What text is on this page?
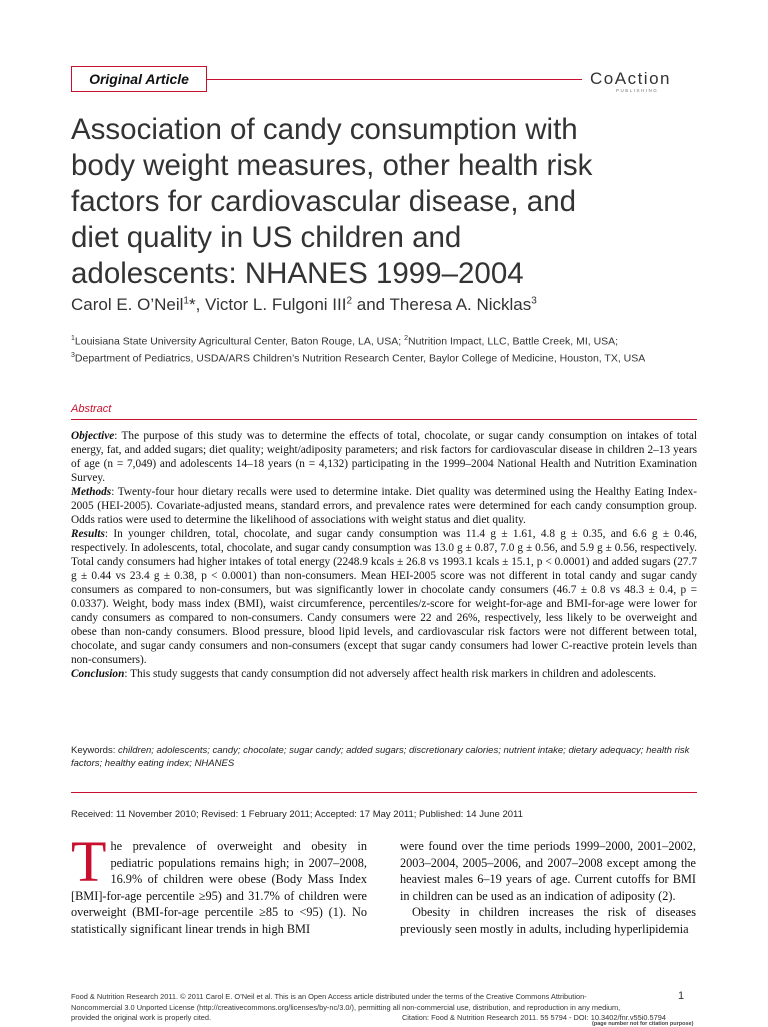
Original Article	CoAction
PUBLISHING
Association of candy consumption with body weight measures, other health risk factors for cardiovascular disease, and diet quality in US children and adolescents: NHANES 1999–2004
Carol E. O’Neil$^1$*, Victor L. Fulgoni III$^2$ and Theresa A. Nicklas$^3$
$^1$Louisiana State University Agricultural Center, Baton Rouge, LA, USA; $^2$Nutrition Impact, LLC, Battle Creek, MI, USA;
$^3$Department of Pediatrics, USDA/ARS Children’s Nutrition Research Center, Baylor College of Medicine, Houston, TX, USA
Abstract

Objective: The purpose of this study was to determine the effects of total, chocolate, or sugar candy consumption on intakes of total energy, fat, and added sugars; diet quality; weight/adiposity parameters; and risk factors for cardiovascular disease in children 2–13 years of age (n = 7,049) and adolescents 14–18 years (n = 4,132) participating in the 1999–2004 National Health and Nutrition Examination Survey.

Methods: Twenty-four hour dietary recalls were used to determine intake. Diet quality was determined using the Healthy Eating Index-2005 (HEI-2005). Covariate-adjusted means, standard errors, and prevalence rates were determined for each candy consumption group. Odds ratios were used to determine the likelihood of associations with weight status and diet quality.

Results: In younger children, total, chocolate, and sugar candy consumption was 11.4 g ± 1.61, 4.8 g ± 0.35, and 6.6 g ± 0.46, respectively. In adolescents, total, chocolate, and sugar candy consumption was 13.0 g ± 0.87, 7.0 g ± 0.56, and 5.9 g ± 0.56, respectively. Total candy consumers had higher intakes of total energy (2248.9 kcals ± 26.8 vs 1993.1 kcals ± 15.1, p < 0.0001) and added sugars (27.7 g ± 0.44 vs 23.4 g ± 0.38, p < 0.0001) than non-consumers. Mean HEI-2005 score was not different in total candy and sugar candy consumers as compared to non-consumers, but was significantly lower in chocolate candy consumers (46.7 ± 0.8 vs 48.3 ± 0.4, p = 0.0337). Weight, body mass index (BMI), waist circumference, percentiles/z-score for weight-for-age and BMI-for-age were lower for candy consumers as compared to non-consumers. Candy consumers were 22 and 26%, respectively, less likely to be overweight and obese than non-candy consumers. Blood pressure, blood lipid levels, and cardiovascular risk factors were not different between total, chocolate, and sugar candy consumers and non-consumers (except that sugar candy consumers had lower C-reactive protein levels than non-consumers).

Conclusion: This study suggests that candy consumption did not adversely affect health risk markers in children and adolescents.

Keywords: children; adolescents; candy; chocolate; sugar candy; added sugars; discretionary calories; nutrient intake; dietary adequacy; health risk factors; healthy eating index; NHANES
Received: 11 November 2010; Revised: 1 February 2011; Accepted: 17 May 2011; Published: 14 June 2011
The prevalence of overweight and obesity in pediatric populations remains high; in 2007–2008, 16.9% of children were obese (Body Mass Index [BMI]-for-age percentile ≥95) and 31.7% of children were overweight (BMI-for-age percentile ≥85 to <95) (1). No statistically significant linear trends in high BMI

were found over the time periods 1999–2000, 2001–2002, 2003–2004, 2005–2006, and 2007–2008 except among the heaviest males 6–19 years of age. Current cutoffs for BMI in children can be used as an indication of adiposity (2).

Obesity in children increases the risk of diseases previously seen mostly in adults, including hyperlipidemia

Food & Nutrition Research 2011. © 2011 Carol E. O’Neil et al. This is an Open Access article distributed under the terms of the Creative Commons Attribution-
Noncommercial 3.0 Unported License (http://creativecommons.org/licenses/by-nc/3.0/), permitting all non-commercial use, distribution, and reproduction in any medium,
provided the original work is properly cited.	Citation: Food & Nutrition Research 2011. 55 5794 - DOI: 10.3402/fnr.v55i0.5794
1
(page number not for citation purpose)
